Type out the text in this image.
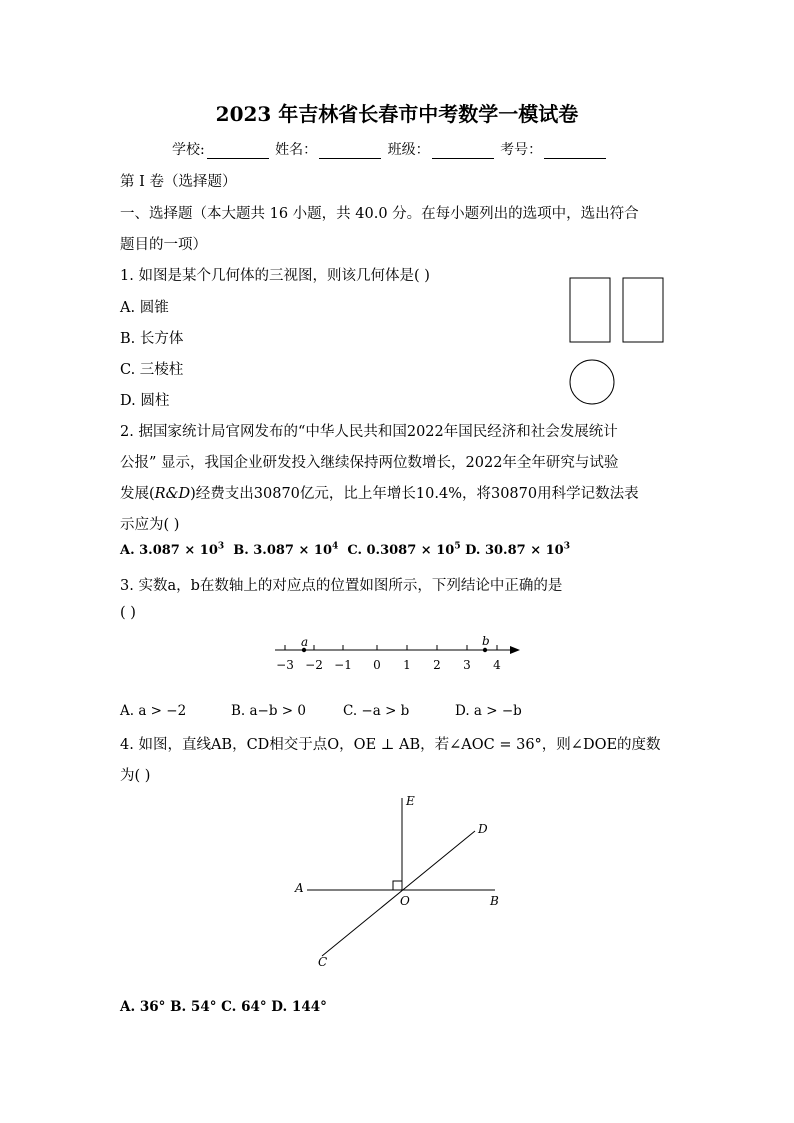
2023 年吉林省长春市中考数学一模试卷
学校:	姓名：	班级：	考号：
第 I 卷（选择题）
一、选择题（本大题共 16 小题，共 40.0 分。在每小题列出的选项中，选出符合
题目的一项）
1. 如图是某个几何体的三视图，则该几何体是( )
A. 圆锥
B. 长方体
C. 三棱柱
D. 圆柱
2. 据国家统计局官网发布的“中华人民共和国2022年国民经济和社会发展统计
公报” 显示，我国企业研发投入继续保持两位数增长，2022年全年研究与试验
发展(R&D)经费支出30870亿元，比上年增长10.4%，将30870用科学记数法表
示应为( )
A. $3.087 \times 10^3$ B. $3.087 \times 10^4$ C. $0.3087 \times 10^5$ D. $30.87 \times 10^3$
3. 实数a，b在数轴上的对应点的位置如图所示，下列结论中正确的是
( )
a	b
−3 −2 −1 0 1 2 3 4
A. a > −2	B. a−b > 0	C. −a > b	D. a > −b
4. 如图，直线AB，CD相交于点O，OE ⊥ AB，若∠AOC = 36°，则∠DOE的度数
为( )
E
D
A
O	B
C
A. 36° B. 54° C. 64° D. 144°
